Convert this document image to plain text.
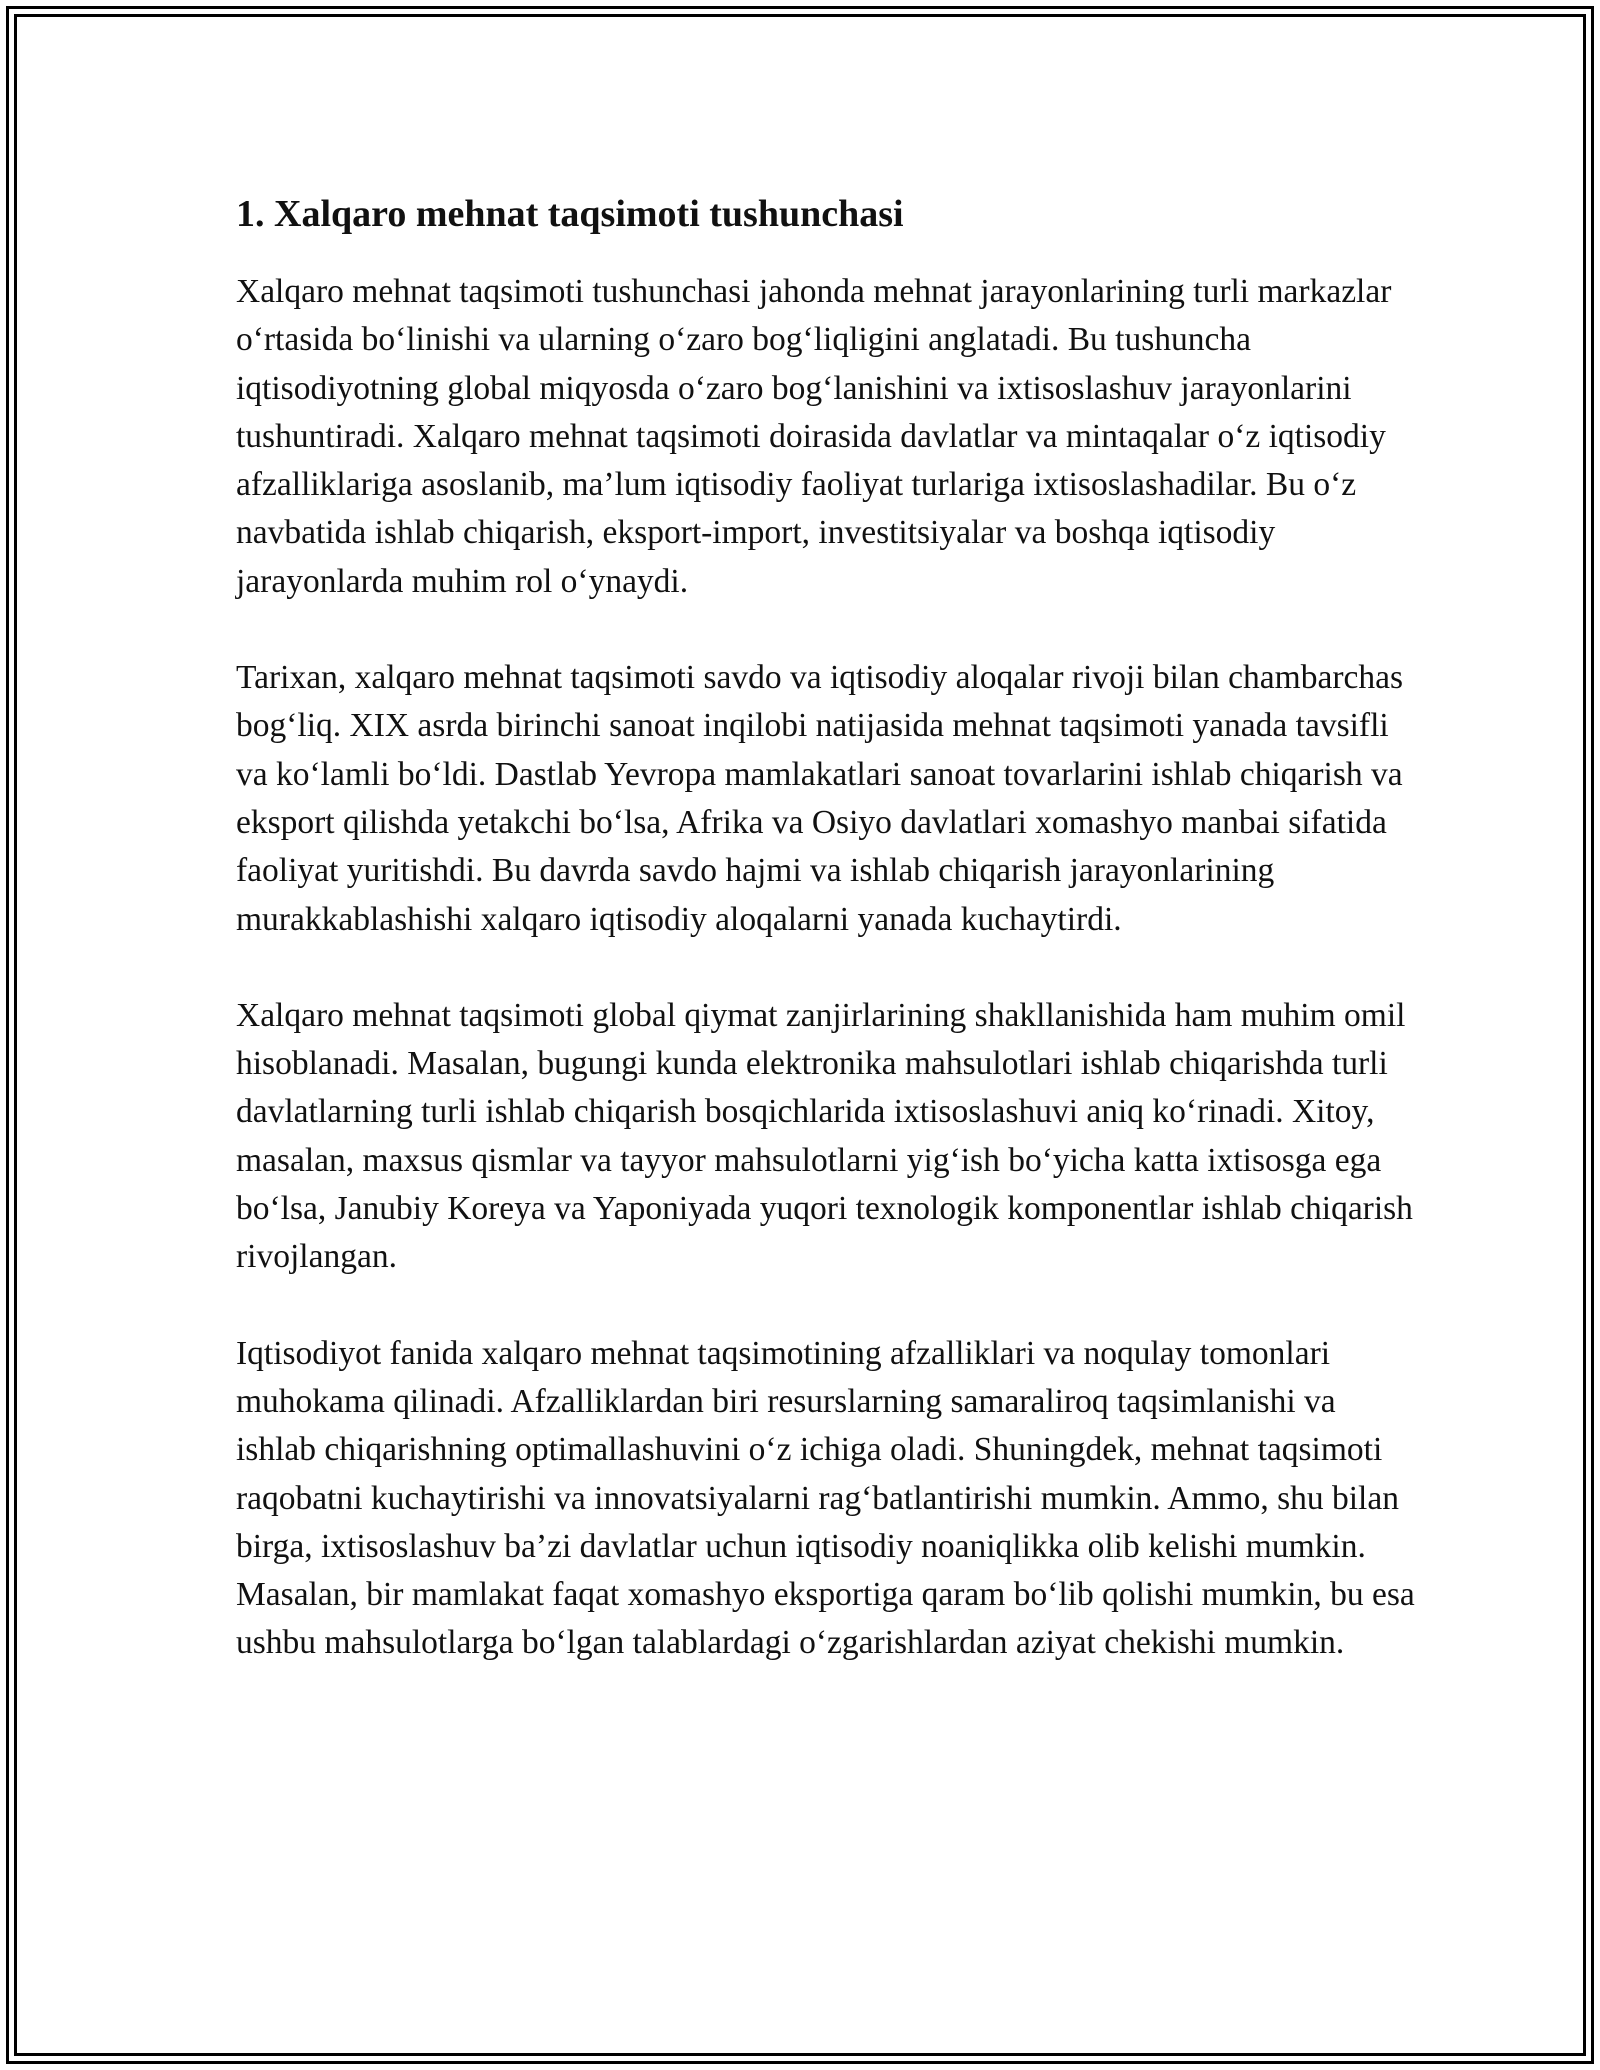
1. Xalqaro mehnat taqsimoti tushunchasi

Xalqaro mehnat taqsimoti tushunchasi jahonda mehnat jarayonlarining turli markazlar o‘rtasida bo‘linishi va ularning o‘zaro bog‘liqligini anglatadi. Bu tushuncha iqtisodiyotning global miqyosda o‘zaro bog‘lanishini va ixtisoslashuv jarayonlarini tushuntiradi. Xalqaro mehnat taqsimoti doirasida davlatlar va mintaqalar o‘z iqtisodiy afzalliklariga asoslanib, ma’lum iqtisodiy faoliyat turlariga ixtisoslashadilar. Bu o‘z navbatida ishlab chiqarish, eksport-import, investitsiyalar va boshqa iqtisodiy jarayonlarda muhim rol o‘ynaydi.

Tarixan, xalqaro mehnat taqsimoti savdo va iqtisodiy aloqalar rivoji bilan chambarchas bog‘liq. XIX asrda birinchi sanoat inqilobi natijasida mehnat taqsimoti yanada tavsifli va ko‘lamli bo‘ldi. Dastlab Yevropa mamlakatlari sanoat tovarlarini ishlab chiqarish va eksport qilishda yetakchi bo‘lsa, Afrika va Osiyo davlatlari xomashyo manbai sifatida faoliyat yuritishdi. Bu davrda savdo hajmi va ishlab chiqarish jarayonlarining murakkablashishi xalqaro iqtisodiy aloqalarni yanada kuchaytirdi.

Xalqaro mehnat taqsimoti global qiymat zanjirlarining shakllanishida ham muhim omil hisoblanadi. Masalan, bugungi kunda elektronika mahsulotlari ishlab chiqarishda turli davlatlarning turli ishlab chiqarish bosqichlarida ixtisoslashuvi aniq ko‘rinadi. Xitoy, masalan, maxsus qismlar va tayyor mahsulotlarni yig‘ish bo‘yicha katta ixtisosga ega bo‘lsa, Janubiy Koreya va Yaponiyada yuqori texnologik komponentlar ishlab chiqarish rivojlangan.

Iqtisodiyot fanida xalqaro mehnat taqsimotining afzalliklari va noqulay tomonlari muhokama qilinadi. Afzalliklardan biri resurslarning samaraliroq taqsimlanishi va ishlab chiqarishning optimallashuvini o‘z ichiga oladi. Shuningdek, mehnat taqsimoti raqobatni kuchaytirishi va innovatsiyalarni rag‘batlantirishi mumkin. Ammo, shu bilan birga, ixtisoslashuv ba’zi davlatlar uchun iqtisodiy noaniqlikka olib kelishi mumkin. Masalan, bir mamlakat faqat xomashyo eksportiga qaram bo‘lib qolishi mumkin, bu esa ushbu mahsulotlarga bo‘lgan talablardagi o‘zgarishlardan aziyat chekishi mumkin.
